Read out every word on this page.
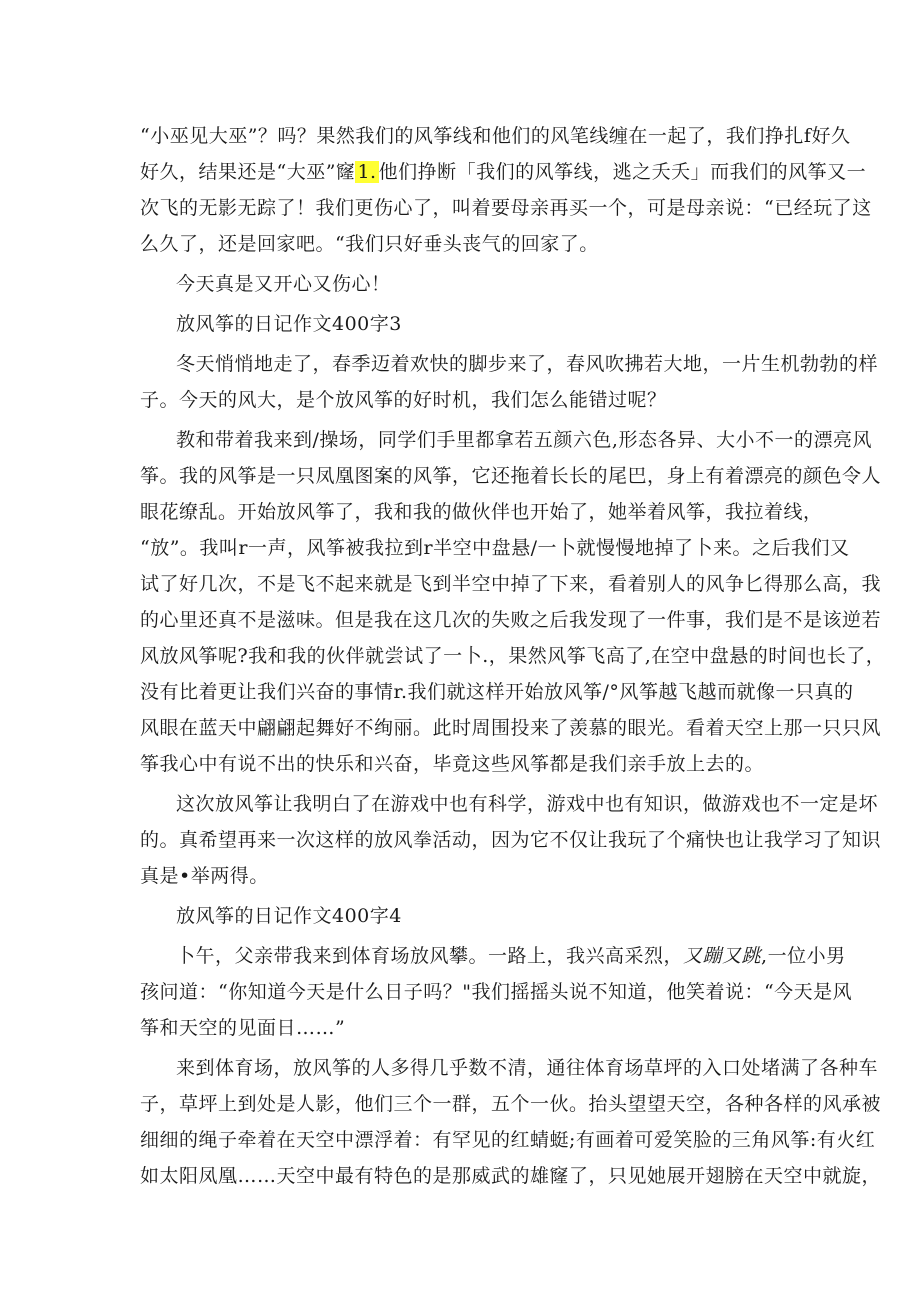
“小巫见大巫”？吗？果然我们的风筝线和他们的风笔线缠在一起了，我们挣扎f好久
好久，结果还是“大巫”窿 1. 他们挣断「我们的风筝线，逃之夭夭」而我们的风筝又一
次飞的无影无踪了！我们更伤心了，叫着要母亲再买一个，可是母亲说：“已经玩了这
么久了，还是回家吧。“我们只好垂头丧气的回家了。

今天真是又开心又伤心！

放风筝的日记作文400字3

冬天悄悄地走了，春季迈着欢快的脚步来了，春风吹拂若大地，一片生机勃勃的样
子。今天的风大，是个放风筝的好时机，我们怎么能错过呢？

教和带着我来到/操场，同学们手里都拿若五颜六色,形态各异、大小不一的漂亮风
筝。我的风筝是一只凤凰图案的风筝，它还拖着长长的尾巴，身上有着漂亮的颜色令人
眼花缭乱。开始放风筝了，我和我的做伙伴也开始了，她举着风筝，我拉着线，
“放”。我叫r一声，风筝被我拉到r半空中盘悬/一卜就慢慢地掉了卜来。之后我们又
试了好几次，不是飞不起来就是飞到半空中掉了下来，看着别人的风争匕得那么高，我
的心里还真不是滋味。但是我在这几次的失败之后我发现了一件事，我们是不是该逆若
风放风筝呢?我和我的伙伴就尝试了一卜.，果然风筝飞高了,在空中盘悬的时间也长了，
没有比着更让我们兴奋的事情r.我们就这样开始放风筝/°风筝越飞越而就像一只真的
风眼在蓝天中翩翩起舞好不绚丽。此时周围投来了羡慕的眼光。看着天空上那一只只风
筝我心中有说不出的快乐和兴奋，毕竟这些风筝都是我们亲手放上去的。

这次放风筝让我明白了在游戏中也有科学，游戏中也有知识，做游戏也不一定是坏
的。真希望再来一次这样的放风拳活动，因为它不仅让我玩了个痛快也让我学习了知识
真是•举两得。

放风筝的日记作文400字4

卜午，父亲带我来到体育场放风攀。一路上，我兴高采烈，又蹦又跳,一位小男
孩问道：“你知道今天是什么日子吗？"我们摇摇头说不知道，他笑着说：“今天是风
筝和天空的见面日……”

来到体育场，放风筝的人多得几乎数不清，通往体育场草坪的入口处堵满了各种车
子，草坪上到处是人影，他们三个一群，五个一伙。抬头望望天空，各种各样的风承被
细细的绳子牵着在天空中漂浮着：有罕见的红蜻蜓;有画着可爱笑脸的三角风筝:有火红
如太阳凤凰……天空中最有特色的是那威武的雄窿了，只见她展开翅膀在天空中就旋，
